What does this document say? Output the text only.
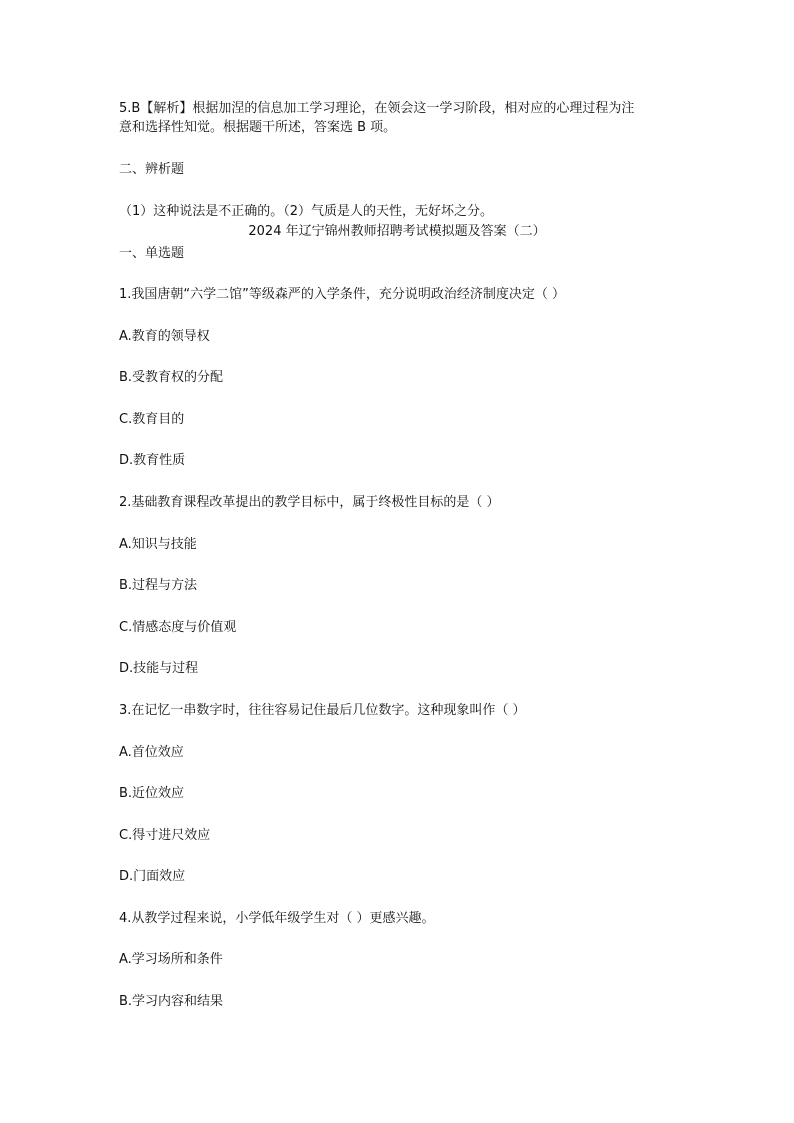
5.B【解析】根据加涅的信息加工学习理论，在领会这一学习阶段，相对应的心理过程为注
意和选择性知觉。根据题干所述，答案选 B 项。
二、辨析题
（1）这种说法是不正确的。（2）气质是人的天性，无好坏之分。
2024 年辽宁锦州教师招聘考试模拟题及答案（二）
一、单选题
1.我国唐朝“六学二馆”等级森严的入学条件，充分说明政治经济制度决定（ ）
A.教育的领导权
B.受教育权的分配
C.教育目的
D.教育性质
2.基础教育课程改革提出的教学目标中，属于终极性目标的是（ ）
A.知识与技能
B.过程与方法
C.情感态度与价值观
D.技能与过程
3.在记忆一串数字时，往往容易记住最后几位数字。这种现象叫作（ ）
A.首位效应
B.近位效应
C.得寸进尺效应
D.门面效应
4.从教学过程来说，小学低年级学生对（ ）更感兴趣。
A.学习场所和条件
B.学习内容和结果
